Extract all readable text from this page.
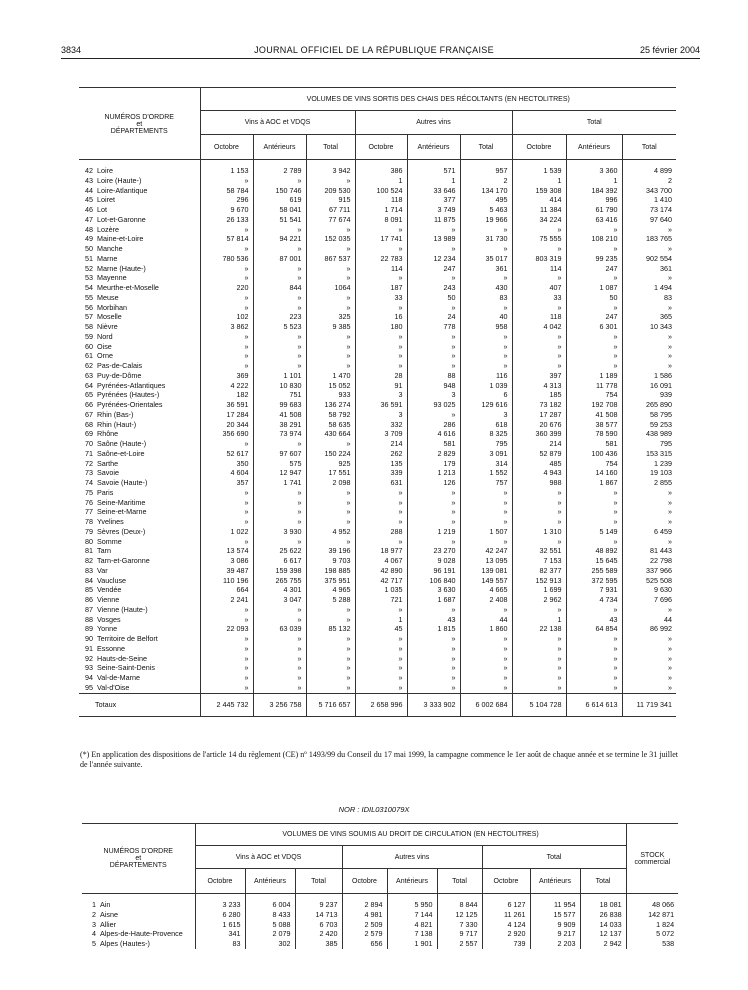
3834	JOURNAL OFFICIEL DE LA RÉPUBLIQUE FRANÇAISE	25 février 2004
NUMÉROS D'ORDRE
et
DÉPARTEMENTS	VOLUMES DE VINS SORTIS DES CHAIS DES RÉCOLTANTS (EN HECTOLITRES)								
	Vins à AOC et VDQS			Autres vins			Total		
	Octobre	Antérieurs	Total	Octobre	Antérieurs	Total	Octobre	Antérieurs	Total
42 Loire	1 153	2 789	3 942	386	571	957	1 539	3 360	4 899
43 Loire (Haute-)	»	»	»	1	1	2	1	1	2
44 Loire-Atlantique	58 784	150 746	209 530	100 524	33 646	134 170	159 308	184 392	343 700
45 Loiret	296	619	915	118	377	495	414	996	1 410
46 Lot	9 670	58 041	67 711	1 714	3 749	5 463	11 384	61 790	73 174
47 Lot-et-Garonne	26 133	51 541	77 674	8 091	11 875	19 966	34 224	63 416	97 640
48 Lozère	»	»	»	»	»	»	»	»	»
49 Maine-et-Loire	57 814	94 221	152 035	17 741	13 989	31 730	75 555	108 210	183 765
50 Manche	»	»	»	»	»	»	»	»	»
51 Marne	780 536	87 001	867 537	22 783	12 234	35 017	803 319	99 235	902 554
52 Marne (Haute-)	»	»	»	114	247	361	114	247	361
53 Mayenne	»	»	»	»	»	»	»	»	»
54 Meurthe-et-Moselle	220	844	1064	187	243	430	407	1 087	1 494
55 Meuse	»	»	»	33	50	83	33	50	83
56 Morbihan	»	»	»	»	»	»	»	»	»
57 Moselle	102	223	325	16	24	40	118	247	365
58 Nièvre	3 862	5 523	9 385	180	778	958	4 042	6 301	10 343
59 Nord	»	»	»	»	»	»	»	»	»
60 Oise	»	»	»	»	»	»	»	»	»
61 Orne	»	»	»	»	»	»	»	»	»
62 Pas-de-Calais	»	»	»	»	»	»	»	»	»
63 Puy-de-Dôme	369	1 101	1 470	28	88	116	397	1 189	1 586
64 Pyrénées-Atlantiques	4 222	10 830	15 052	91	948	1 039	4 313	11 778	16 091
65 Pyrénées (Hautes-)	182	751	933	3	3	6	185	754	939
66 Pyrénées-Orientales	36 591	99 683	136 274	36 591	93 025	129 616	73 182	192 708	265 890
67 Rhin (Bas-)	17 284	41 508	58 792	3	»	3	17 287	41 508	58 795
68 Rhin (Haut-)	20 344	38 291	58 635	332	286	618	20 676	38 577	59 253
69 Rhône	356 690	73 974	430 664	3 709	4 616	8 325	360 399	78 590	438 989
70 Saône (Haute-)	»	»	»	214	581	795	214	581	795
71 Saône-et-Loire	52 617	97 607	150 224	262	2 829	3 091	52 879	100 436	153 315
72 Sarthe	350	575	925	135	179	314	485	754	1 239
73 Savoie	4 604	12 947	17 551	339	1 213	1 552	4 943	14 160	19 103
74 Savoie (Haute-)	357	1 741	2 098	631	126	757	988	1 867	2 855
75 Paris	»	»	»	»	»	»	»	»	»
76 Seine-Maritime	»	»	»	»	»	»	»	»	»
77 Seine-et-Marne	»	»	»	»	»	»	»	»	»
78 Yvelines	»	»	»	»	»	»	»	»	»
79 Sèvres (Deux-)	1 022	3 930	4 952	288	1 219	1 507	1 310	5 149	6 459
80 Somme	»	»	»	»	»	»	»	»	»
81 Tarn	13 574	25 622	39 196	18 977	23 270	42 247	32 551	48 892	81 443
82 Tarn-et-Garonne	3 086	6 617	9 703	4 067	9 028	13 095	7 153	15 645	22 798
83 Var	39 487	159 398	198 885	42 890	96 191	139 081	82 377	255 589	337 966
84 Vaucluse	110 196	265 755	375 951	42 717	106 840	149 557	152 913	372 595	525 508
85 Vendée	664	4 301	4 965	1 035	3 630	4 665	1 699	7 931	9 630
86 Vienne	2 241	3 047	5 288	721	1 687	2 408	2 962	4 734	7 696
87 Vienne (Haute-)	»	»	»	»	»	»	»	»	»
88 Vosges	»	»	»	1	43	44	1	43	44
89 Yonne	22 093	63 039	85 132	45	1 815	1 860	22 138	64 854	86 992
90 Territoire de Belfort	»	»	»	»	»	»	»	»	»
91 Essonne	»	»	»	»	»	»	»	»	»
92 Hauts-de-Seine	»	»	»	»	»	»	»	»	»
93 Seine-Saint-Denis	»	»	»	»	»	»	»	»	»
94 Val-de-Marne	»	»	»	»	»	»	»	»	»
95 Val-d'Oise	»	»	»	»	»	»	»	»	»
Totaux	2 445 732	3 256 758	5 716 657	2 658 996	3 333 902	6 002 684	5 104 728	6 614 613	11 719 341
(*) En application des dispositions de l'article 14 du règlement (CE) nº 1493/99 du Conseil du 17 mai 1999, la campagne commence le 1er août de chaque année et se termine le 31 juillet de l'année suivante.
NOR : IDIL0310079X
NUMÉROS D'ORDRE
et
DÉPARTEMENTS	VOLUMES DE VINS SOUMIS AU DROIT DE CIRCULATION (EN HECTOLITRES)									STOCK
commercial
	Vins à AOC et VDQS			Autres vins			Total			
	Octobre	Antérieurs	Total	Octobre	Antérieurs	Total	Octobre	Antérieurs	Total	
1 Ain	3 233	6 004	9 237	2 894	5 950	8 844	6 127	11 954	18 081	48 066
2 Aisne	6 280	8 433	14 713	4 981	7 144	12 125	11 261	15 577	26 838	142 871
3 Allier	1 615	5 088	6 703	2 509	4 821	7 330	4 124	9 909	14 033	1 824
4 Alpes-de-Haute-Provence	341	2 079	2 420	2 579	7 138	9 717	2 920	9 217	12 137	5 072
5 Alpes (Hautes-)	83	302	385	656	1 901	2 557	739	2 203	2 942	538
